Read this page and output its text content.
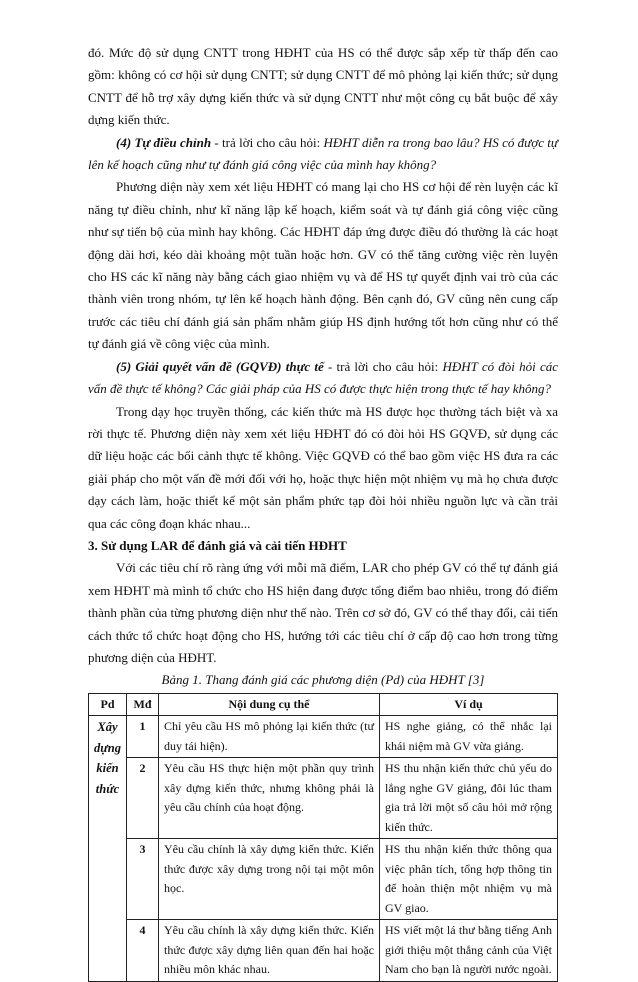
đó. Mức độ sử dụng CNTT trong HĐHT của HS có thể được sắp xếp từ thấp đến cao gồm: không có cơ hội sử dụng CNTT; sử dụng CNTT để mô phỏng lại kiến thức; sử dụng CNTT để hỗ trợ xây dựng kiến thức và sử dụng CNTT như một công cụ bắt buộc để xây dựng kiến thức.

(4) Tự điều chỉnh - trả lời cho câu hỏi: HĐHT diễn ra trong bao lâu? HS có được tự lên kế hoạch cũng như tự đánh giá công việc của mình hay không?

Phương diện này xem xét liệu HĐHT có mang lại cho HS cơ hội để rèn luyện các kĩ năng tự điều chỉnh, như kĩ năng lập kế hoạch, kiểm soát và tự đánh giá công việc cũng như sự tiến bộ của mình hay không. Các HĐHT đáp ứng được điều đó thường là các hoạt động dài hơi, kéo dài khoảng một tuần hoặc hơn. GV có thể tăng cường việc rèn luyện cho HS các kĩ năng này bằng cách giao nhiệm vụ và để HS tự quyết định vai trò của các thành viên trong nhóm, tự lên kế hoạch hành động. Bên cạnh đó, GV cũng nên cung cấp trước các tiêu chí đánh giá sản phẩm nhằm giúp HS định hướng tốt hơn cũng như có thể tự đánh giá về công việc của mình.

(5) Giải quyết vấn đề (GQVĐ) thực tế - trả lời cho câu hỏi: HĐHT có đòi hỏi các vấn đề thực tế không? Các giải pháp của HS có được thực hiện trong thực tế hay không?

Trong dạy học truyền thống, các kiến thức mà HS được học thường tách biệt và xa rời thực tế. Phương diện này xem xét liệu HĐHT đó có đòi hỏi HS GQVĐ, sử dụng các dữ liệu hoặc các bối cảnh thực tế không. Việc GQVĐ có thể bao gồm việc HS đưa ra các giải pháp cho một vấn đề mới đối với họ, hoặc thực hiện một nhiệm vụ mà họ chưa được dạy cách làm, hoặc thiết kế một sản phẩm phức tạp đòi hỏi nhiều nguồn lực và cần trải qua các công đoạn khác nhau...

3. Sử dụng LAR để đánh giá và cải tiến HĐHT

Với các tiêu chí rõ ràng ứng với mỗi mã điểm, LAR cho phép GV có thể tự đánh giá xem HĐHT mà mình tổ chức cho HS hiện đang được tổng điểm bao nhiêu, trong đó điểm thành phần của từng phương diện như thế nào. Trên cơ sở đó, GV có thể thay đổi, cải tiến cách thức tổ chức hoạt động cho HS, hướng tới các tiêu chí ở cấp độ cao hơn trong từng phương diện của HĐHT.

Bảng 1. Thang đánh giá các phương diện (Pd) của HĐHT [3]

Pd	Mđ	Nội dung cụ thể	Ví dụ

Xây
dựng
kiến
thức	1	Chỉ yêu cầu HS mô phỏng lại kiến thức (tư duy tái hiện).	HS nghe giảng, có thể nhắc lại khái niệm mà GV vừa giảng.
	2	Yêu cầu HS thực hiện một phần quy trình xây dựng kiến thức, nhưng không phải là yêu cầu chính của hoạt động.	HS thu nhận kiến thức chủ yếu do lắng nghe GV giảng, đôi lúc tham gia trả lời một số câu hỏi mở rộng kiến thức.
	3	Yêu cầu chính là xây dựng kiến thức. Kiến thức được xây dựng trong nội tại một môn học.	HS thu nhận kiến thức thông qua việc phân tích, tổng hợp thông tin để hoàn thiện một nhiệm vụ mà GV giao.
	4	Yêu cầu chính là xây dựng kiến thức. Kiến thức được xây dựng liên quan đến hai hoặc nhiều môn khác nhau.	HS viết một lá thư bằng tiếng Anh giới thiệu một thắng cảnh của Việt Nam cho bạn là người nước ngoài.
